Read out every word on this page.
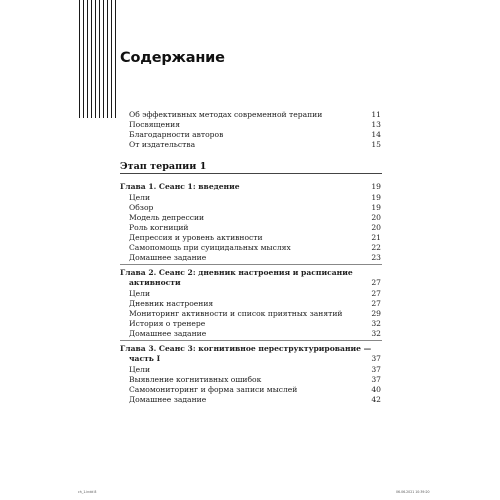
Содержание
Об эффективных методах современной терапии	11
Посвящения	13
Благодарности авторов	14
От издательства	15
Этап терапии 1
Глава 1. Сеанс 1: введение	19
Цели	19
Обзор	19
Модель депрессии	20
Роль когниций	20
Депрессия и уровень активности	21
Самопомощь при суицидальных мыслях	22
Домашнее задание	23
Глава 2. Сеанс 2: дневник настроения и расписание
активности	27
Цели	27
Дневник настроения	27
Мониторинг активности и список приятных занятий	29
История о тренере	32
Домашнее задание	32
Глава 3. Сеанс 3: когнитивное переструктурирование —
часть I	37
Цели	37
Выявление когнитивных ошибок	37
Самомониторинг и форма записи мыслей	40
Домашнее задание	42
ch_1.indd 8	06.06.2021 10:39:20
